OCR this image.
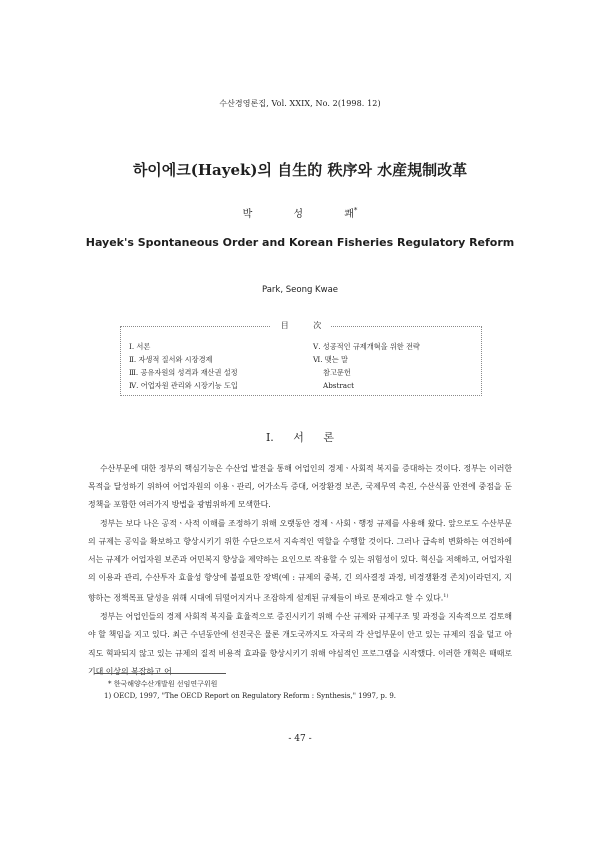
수산경영론집, Vol. XXIX, No. 2(1998. 12)
하이에크(Hayek)의 自生的 秩序와 水産規制改革
박 성 쾌*
Hayek's Spontaneous Order and Korean Fisheries Regulatory Reform
Park, Seong Kwae
目 次
Ⅰ. 서론
Ⅱ. 자생적 질서와 시장경제
Ⅲ. 공유자원의 성격과 재산권 설정
Ⅳ. 어업자원 관리와 시장기능 도입
Ⅴ. 성공적인 규제개혁을 위한 전략
Ⅵ. 맺는 말
참고문헌
Abstract
Ⅰ. 서 론

수산부문에 대한 정부의 핵심기능은 수산업 발전을 통해 어업인의 경제ㆍ사회적 복지를 증대하는 것이다. 정부는 이러한 목적을 달성하기 위하여 어업자원의 이용ㆍ관리, 어가소득 증대, 어장환경 보존, 국제무역 촉진, 수산식품 안전에 중점을 둔 정책을 포함한 여러가지 방법을 광범위하게 모색한다.

정부는 보다 나은 공적ㆍ사적 이해를 조정하기 위해 오랫동안 경제ㆍ사회ㆍ행정 규제를 사용해 왔다. 앞으로도 수산부문의 규제는 공익을 확보하고 향상시키기 위한 수단으로서 지속적인 역할을 수행할 것이다. 그러나 급속히 변화하는 여건하에서는 규제가 어업자원 보존과 어민복지 향상을 제약하는 요인으로 작용할 수 있는 위험성이 있다. 혁신을 저해하고, 어업자원의 이용과 관리, 수산투자 효율성 향상에 불필요한 장벽(예 : 규제의 중복, 긴 의사결정 과정, 비경쟁환경 존치)이라던지, 지향하는 정책목표 달성을 위해 시대에 뒤떨어지거나 조잡하게 설계된 규제들이 바로 문제라고 할 수 있다.$^{1)}$

정부는 어업인들의 경제 사회적 복지를 효율적으로 증진시키기 위해 수산 규제와 규제구조 및 과정을 지속적으로 검토해야 할 책임을 지고 있다. 최근 수년동안에 선진국은 물론 개도국까지도 자국의 각 산업부문이 안고 있는 규제의 짐을 덜고 아직도 혁파되지 않고 있는 규제의 질적 비용적 효과를 향상시키기 위해 야심적인 프로그램을 시작했다. 이러한 개혁은 때때로 기대 이상의 복잡하고 어

* 한국해양수산개발원 선임연구위원
1) OECD, 1997, "The OECD Report on Regulatory Reform : Synthesis," 1997, p. 9.
- 47 -
